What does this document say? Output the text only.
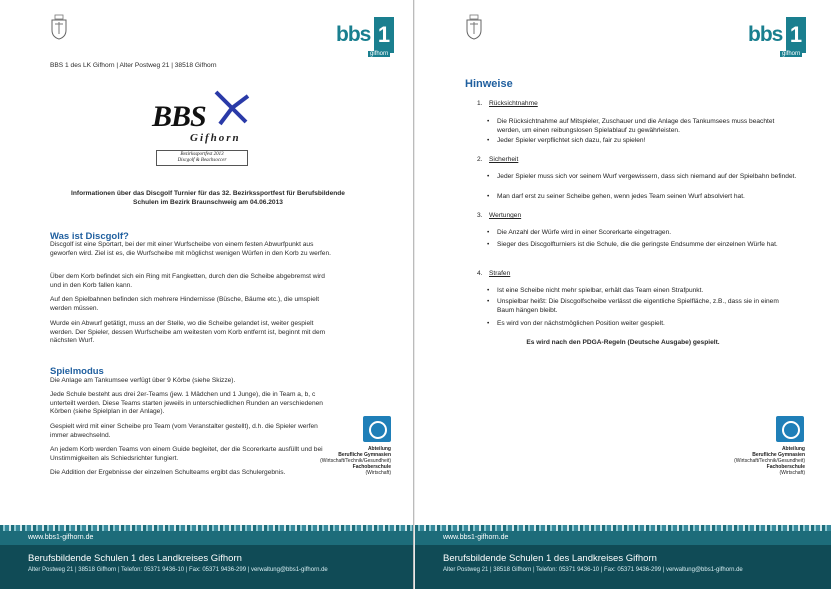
bbs 1
gifhorn
BBS 1 des LK Gifhorn | Alter Postweg 21 | 38518 Gifhorn
BBS
Gifhorn
Bezirkssportfest 2013
Discgolf & Beachsoccer
Informationen über das Discgolf Turnier für das 32. Bezirkssportfest für Berufsbildende Schulen im Bezirk Braunschweig am 04.06.2013
Was ist Discgolf?
Discgolf ist eine Sportart, bei der mit einer Wurfscheibe von einem festen Abwurfpunkt aus geworfen wird. Ziel ist es, die Wurfscheibe mit möglichst wenigen Würfen in den Korb zu werfen.
Über dem Korb befindet sich ein Ring mit Fangketten, durch den die Scheibe abgebremst wird und in den Korb fallen kann.
Auf den Spielbahnen befinden sich mehrere Hindernisse (Büsche, Bäume etc.), die umspielt werden müssen.
Wurde ein Abwurf getätigt, muss an der Stelle, wo die Scheibe gelandet ist, weiter gespielt werden. Der Spieler, dessen Wurfscheibe am weitesten vom Korb entfernt ist, beginnt mit dem nächsten Wurf.
Spielmodus
Die Anlage am Tankumsee verfügt über 9 Körbe (siehe Skizze).
Jede Schule besteht aus drei 2er-Teams (jew. 1 Mädchen und 1 Junge), die in Team a, b, c unterteilt werden. Diese Teams starten jeweils in unterschiedlichen Runden an verschiedenen Körben (siehe Spielplan in der Anlage).
Gespielt wird mit einer Scheibe pro Team (vom Veranstalter gestellt), d.h. die Spieler werfen immer abwechselnd.
An jedem Korb werden Teams von einem Guide begleitet, der die Scorerkarte ausfüllt und bei Unstimmigkeiten als Schiedsrichter fungiert.
Die Addition der Ergebnisse der einzelnen Schulteams ergibt das Schulergebnis.
Abteilung
Berufliche Gymnasien
(Wirtschaft/Technik/Gesundheit)
Fachoberschule
(Wirtschaft)
www.bbs1-gifhorn.de
Berufsbildende Schulen 1 des Landkreises Gifhorn
Alter Postweg 21 | 38518 Gifhorn | Telefon: 05371 9436-10 | Fax: 05371 9436-299 | verwaltung@bbs1-gifhorn.de
bbs 1
gifhorn
Hinweise
1. Rücksichtnahme
• Die Rücksichtnahme auf Mitspieler, Zuschauer und die Anlage des Tankumsees muss beachtet werden, um einen reibungslosen Spielablauf zu gewährleisten.
• Jeder Spieler verpflichtet sich dazu, fair zu spielen!
2. Sicherheit
• Jeder Spieler muss sich vor seinem Wurf vergewissern, dass sich niemand auf der Spielbahn befindet.
• Man darf erst zu seiner Scheibe gehen, wenn jedes Team seinen Wurf absolviert hat.
3. Wertungen
• Die Anzahl der Würfe wird in einer Scorerkarte eingetragen.
• Sieger des Discgolfturniers ist die Schule, die die geringste Endsumme der einzelnen Würfe hat.
4. Strafen
• Ist eine Scheibe nicht mehr spielbar, erhält das Team einen Strafpunkt.
• Unspielbar heißt: Die Discgolfscheibe verlässt die eigentliche Spielfläche, z.B., dass sie in einem Baum hängen bleibt.
• Es wird von der nächstmöglichen Position weiter gespielt.
Es wird nach den PDGA-Regeln (Deutsche Ausgabe) gespielt.
Abteilung
Berufliche Gymnasien
(Wirtschaft/Technik/Gesundheit)
Fachoberschule
(Wirtschaft)
www.bbs1-gifhorn.de
Berufsbildende Schulen 1 des Landkreises Gifhorn
Alter Postweg 21 | 38518 Gifhorn | Telefon: 05371 9436-10 | Fax: 05371 9436-299 | verwaltung@bbs1-gifhorn.de
